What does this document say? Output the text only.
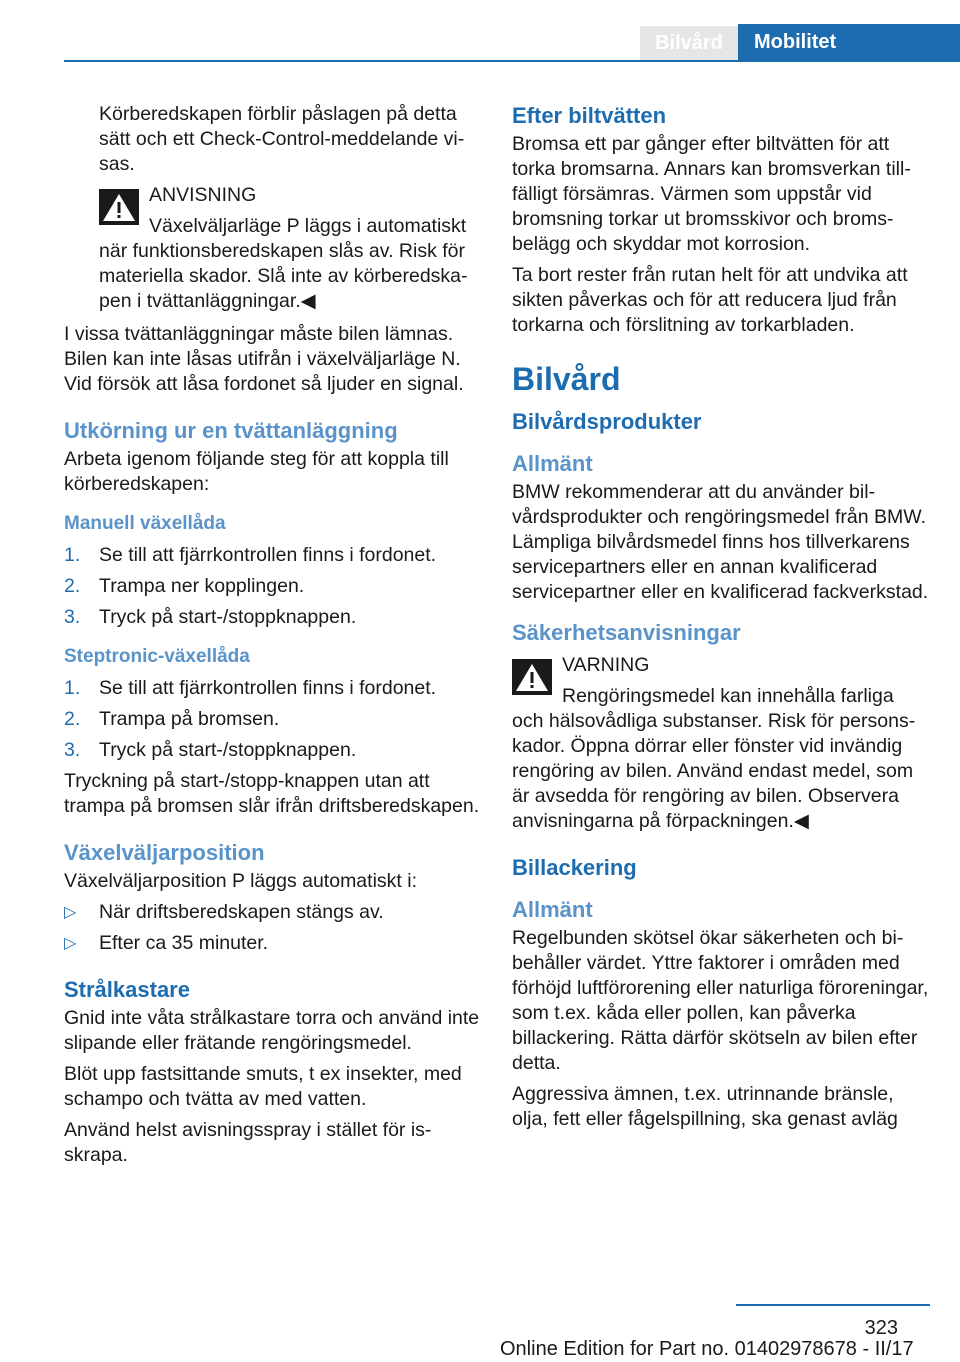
Bilvård	Mobilitet

Körberedskapen förblir påslagen på detta sätt och ett Check-Control-meddelande visas.

ANVISNING

Växelväljarläge P läggs i automatiskt

när funktionsberedskapen slås av. Risk för materiella skador. Slå inte av körberedskapen i tvättanläggningar.◀

I vissa tvättanläggningar måste bilen lämnas. Bilen kan inte låsas utifrån i växelväljarläge N. Vid försök att låsa fordonet så ljuder en signal.

Utkörning ur en tvättanläggning

Arbeta igenom följande steg för att koppla till körberedskapen:

Manuell växellåda
1. Se till att fjärrkontrollen finns i fordonet.
2. Trampa ner kopplingen.
3. Tryck på start-/stoppknappen.
Steptronic-växellåda
1. Se till att fjärrkontrollen finns i fordonet.
2. Trampa på bromsen.
3. Tryck på start-/stoppknappen.

Tryckning på start-/stopp-knappen utan att trampa på bromsen slår ifrån driftsberedskapen.

Växelväljarposition

Växelväljarposition P läggs automatiskt i:

▷ När driftsberedskapen stängs av.
▷ Efter ca 35 minuter.
Strålkastare

Gnid inte våta strålkastare torra och använd inte slipande eller frätande rengöringsmedel.

Blöt upp fastsittande smuts, t ex insekter, med schampo och tvätta av med vatten.

Använd helst avisningsspray i stället för isskrapa.

Efter biltvätten

Bromsa ett par gånger efter biltvätten för att torka bromsarna. Annars kan bromsverkan tillfälligt försämras. Värmen som uppstår vid bromsning torkar ut bromsskivor och bromsbelägg och skyddar mot korrosion.

Ta bort rester från rutan helt för att undvika att sikten påverkas och för att reducera ljud från torkarna och förslitning av torkarbladen.

Bilvård
Bilvårdsprodukter
Allmänt

BMW rekommenderar att du använder bilvårdsprodukter och rengöringsmedel från BMW. Lämpliga bilvårdsmedel finns hos tillverkarens servicepartners eller en annan kvalificerad servicepartner eller en kvalificerad fackverkstad.

Säkerhetsanvisningar

VARNING

Rengöringsmedel kan innehålla farliga

och hälsovådliga substanser. Risk för personskador. Öppna dörrar eller fönster vid invändig rengöring av bilen. Använd endast medel, som är avsedda för rengöring av bilen. Observera anvisningarna på förpackningen.◀

Billackering
Allmänt

Regelbunden skötsel ökar säkerheten och bibehåller värdet. Yttre faktorer i områden med förhöjd luftförorening eller naturliga föroreningar, som t.ex. kåda eller pollen, kan påverka billackering. Rätta därför skötseln av bilen efter detta.

Aggressiva ämnen, t.ex. utrinnande bränsle, olja, fett eller fågelspillning, ska genast avläg

323
Online Edition for Part no. 01402978678 - II/17
